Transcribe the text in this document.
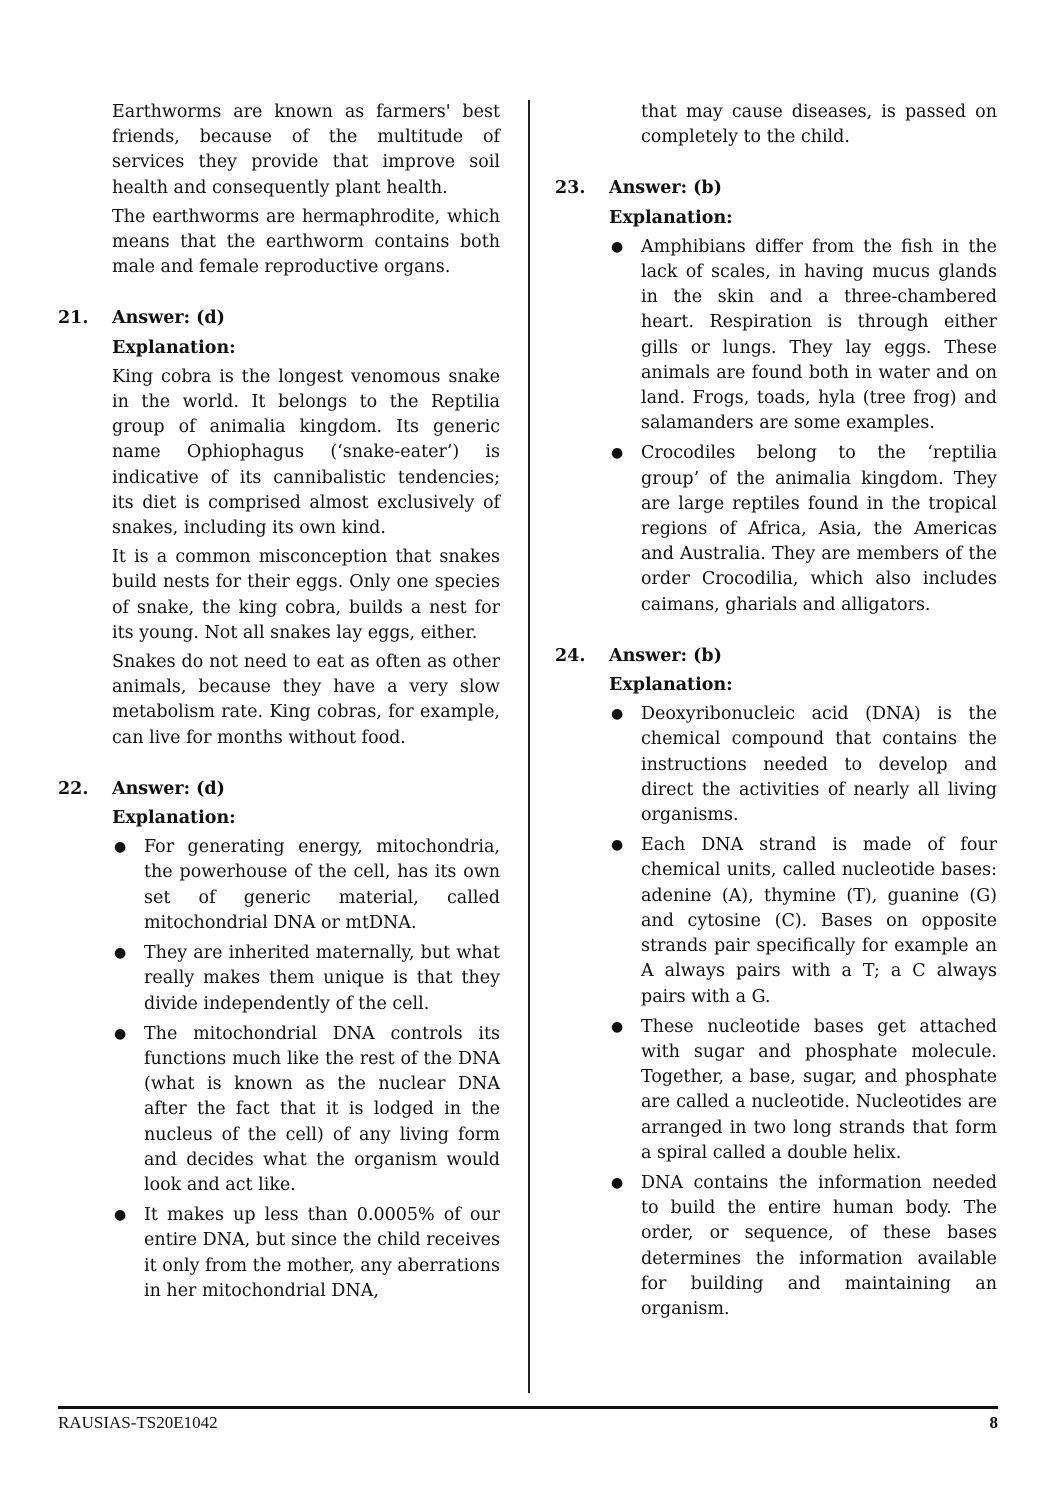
Earthworms are known as farmers' best friends, because of the multitude of services they provide that improve soil health and consequently plant health.

The earthworms are hermaphrodite, which means that the earthworm contains both male and female reproductive organs.

21. Answer: (d)

Explanation:

King cobra is the longest venomous snake in the world. It belongs to the Reptilia group of animalia kingdom. Its generic name Ophiophagus (‘snake-eater’) is indicative of its cannibalistic tendencies; its diet is comprised almost exclusively of snakes, including its own kind.

It is a common misconception that snakes build nests for their eggs. Only one species of snake, the king cobra, builds a nest for its young. Not all snakes lay eggs, either.

Snakes do not need to eat as often as other animals, because they have a very slow metabolism rate. King cobras, for example, can live for months without food.

22. Answer: (d)

Explanation:

● For generating energy, mitochondria, the powerhouse of the cell, has its own set of generic material, called mitochondrial DNA or mtDNA.
● They are inherited maternally, but what really makes them unique is that they divide independently of the cell.
● The mitochondrial DNA controls its functions much like the rest of the DNA (what is known as the nuclear DNA after the fact that it is lodged in the nucleus of the cell) of any living form and decides what the organism would look and act like.
● It makes up less than 0.0005% of our entire DNA, but since the child receives it only from the mother, any aberrations in her mitochondrial DNA,

that may cause diseases, is passed on completely to the child.

23. Answer: (b)

Explanation:

● Amphibians differ from the fish in the lack of scales, in having mucus glands in the skin and a three-chambered heart. Respiration is through either gills or lungs. They lay eggs. These animals are found both in water and on land. Frogs, toads, hyla (tree frog) and salamanders are some examples.
● Crocodiles belong to the ‘reptilia group’ of the animalia kingdom. They are large reptiles found in the tropical regions of Africa, Asia, the Americas and Australia. They are members of the order Crocodilia, which also includes caimans, gharials and alligators.
24. Answer: (b)

Explanation:

● Deoxyribonucleic acid (DNA) is the chemical compound that contains the instructions needed to develop and direct the activities of nearly all living organisms.
● Each DNA strand is made of four chemical units, called nucleotide bases: adenine (A), thymine (T), guanine (G) and cytosine (C). Bases on opposite strands pair specifically for example an A always pairs with a T; a C always pairs with a G.
● These nucleotide bases get attached with sugar and phosphate molecule. Together, a base, sugar, and phosphate are called a nucleotide. Nucleotides are arranged in two long strands that form a spiral called a double helix.
● DNA contains the information needed to build the entire human body. The order, or sequence, of these bases determines the information available for building and maintaining an organism.
RAUSIAS-TS20E1042	8
